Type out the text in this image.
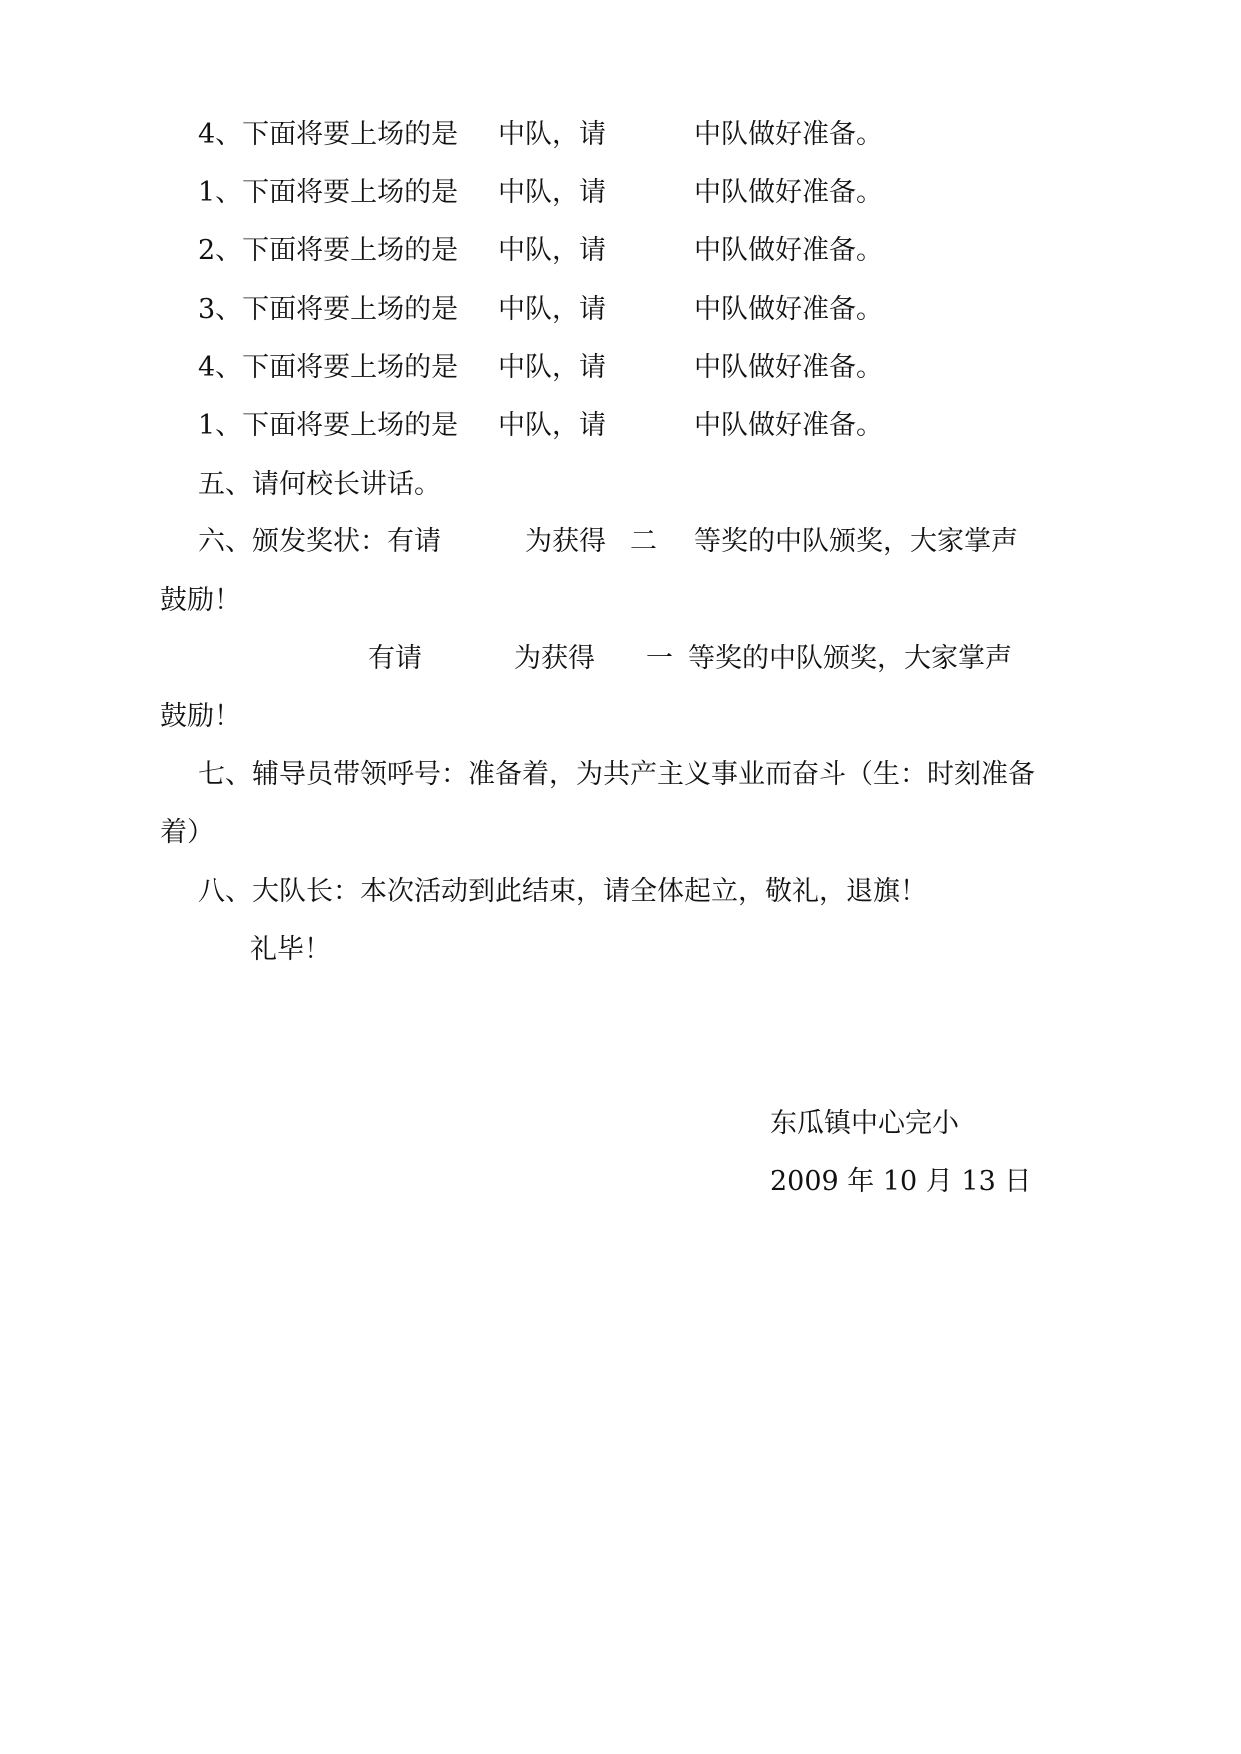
4、下面将要上场的是 中队，请	中队做好准备。
1、下面将要上场的是 中队，请	中队做好准备。
2、下面将要上场的是 中队，请	中队做好准备。
3、下面将要上场的是 中队，请	中队做好准备。
4、下面将要上场的是 中队，请	中队做好准备。
1、下面将要上场的是 中队，请	中队做好准备。
五、请何校长讲话。
六、颁发奖状：有请	为获得 二 等奖的中队颁奖，大家掌声
鼓励！
有请	为获得 一 等奖的中队颁奖，大家掌声
鼓励！
七、辅导员带领呼号：准备着，为共产主义事业而奋斗（生：时刻准备
着）
八、大队长：本次活动到此结束，请全体起立，敬礼，退旗！
礼毕！
东瓜镇中心完小
2009 年 10 月 13 日
